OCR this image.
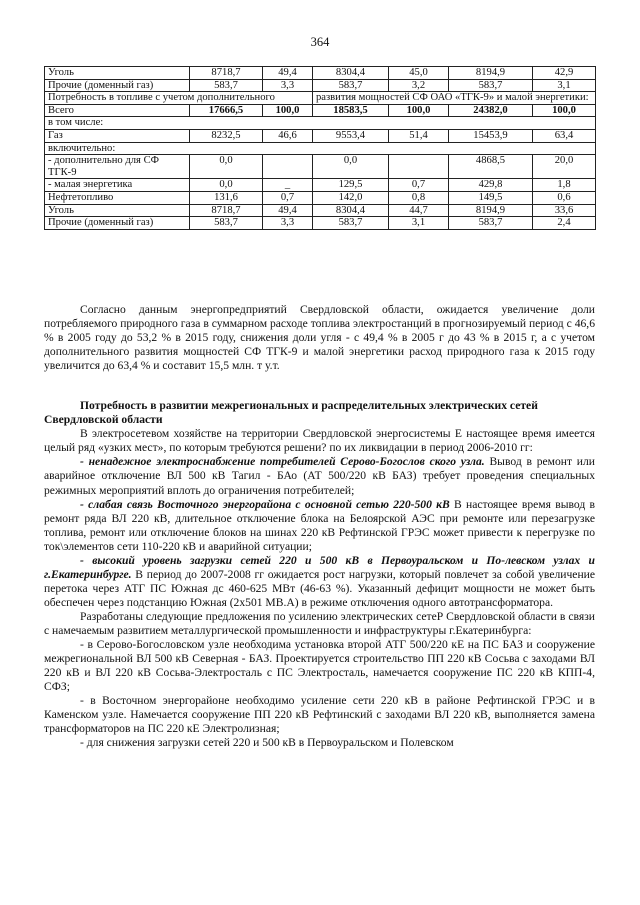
364
Уголь	8718,7	49,4	8304,4	45,0	8194,9	42,9
Прочие (доменный газ)	583,7	3,3	583,7	3,2	583,7	3,1
Потребность в топливе с учетом дополнительного			развития мощностей СФ ОАО «ТГК-9» и малой энергетики:			
Всего	17666,5	100,0	18583,5	100,0	24382,0	100,0
в том числе:						
Газ	8232,5	46,6	9553,4	51,4	15453,9	63,4
включительно:						
- дополнительно для СФ ТГК-9	0,0		0,0		4868,5	20,0
- малая энергетика	0,0	_	129,5	0,7	429,8	1,8
Нефтетопливо	131,6	0,7	142,0	0,8	149,5	0,6
Уголь	8718,7	49,4	8304,4	44,7	8194,9	33,6
Прочие (доменный газ)	583,7	3,3	583,7	3,1	583,7	2,4

Согласно данным энергопредприятий Свердловской области, ожидается увеличение доли потребляемого природного газа в суммарном расходе топлива электростанций в прогнозируемый период с 46,6 % в 2005 году до 53,2 % в 2015 году, снижения доли угля - с 49,4 % в 2005 г до 43 % в 2015 г, а с учетом дополнительного развития мощностей СФ ТГК-9 и малой энергетики расход природного газа к 2015 году увеличится до 63,4 % и составит 15,5 млн. т у.т.

Потребность в развитии межрегиональных и распределительных электрических сетей Свердловской области

В электросетевом хозяйстве на территории Свердловской энергосистемы E настоящее время имеется целый ряд «узких мест», по которым требуются решени? по их ликвидации в период 2006-2010 гг:

- ненадежное электроснабжение потребителей Серово-Богослов ского узла. Вывод в ремонт или аварийное отключение ВЛ 500 кВ Тагил - БАо (АТ 500/220 кВ БАЗ) требует проведения специальных режимных мероприятий вплоть до ограничения потребителей;

- слабая связь Восточного энергорайона с основной сетью 220-500 кВ В настоящее время вывод в ремонт ряда ВЛ 220 кВ, длительное отключение блока на Белоярской АЭС при ремонте или перезагрузке топлива, ремонт или отключение блоков на шинах 220 кВ Рефтинской ГРЭС может привести к перегрузке по ток\элементов сети 110-220 кВ и аварийной ситуации;

- высокий уровень загрузки сетей 220 и 500 кВ в Первоуральском и По-левском узлах и г.Екатеринбурге. В период до 2007-2008 гг ожидается рост нагрузки, который повлечет за собой увеличение перетока через АТГ ПС Южная дс 460-625 МВт (46-63 %). Указанный дефицит мощности не может быть обеспечен через подстанцию Южная (2х501 МВ.А) в режиме отключения одного автотрансформатора.

Разработаны следующие предложения по усилению электрических сетеР Свердловской области в связи с намечаемым развитием металлургической промышленности и инфраструктуры г.Екатеринбурга:

- в Серово-Богословском узле необходима установка второй АТГ 500/220 кЕ на ПС БАЗ и сооружение межрегиональной ВЛ 500 кВ Северная - БАЗ. Проектируется строительство ПП 220 кВ Сосьва с заходами ВЛ 220 кВ и ВЛ 220 кВ Сосьва-Электросталь с ПС Электросталь, намечается сооружение ПС 220 кВ КПП-4, СФЗ;

- в Восточном энергорайоне необходимо усиление сети 220 кВ в районе Рефтинской ГРЭС и в Каменском узле. Намечается сооружение ПП 220 кВ Рефтинский с заходами ВЛ 220 кВ, выполняется замена трансформаторов на ПС 220 кЕ Электролизная;

- для снижения загрузки сетей 220 и 500 кВ в Первоуральском и Полевском
